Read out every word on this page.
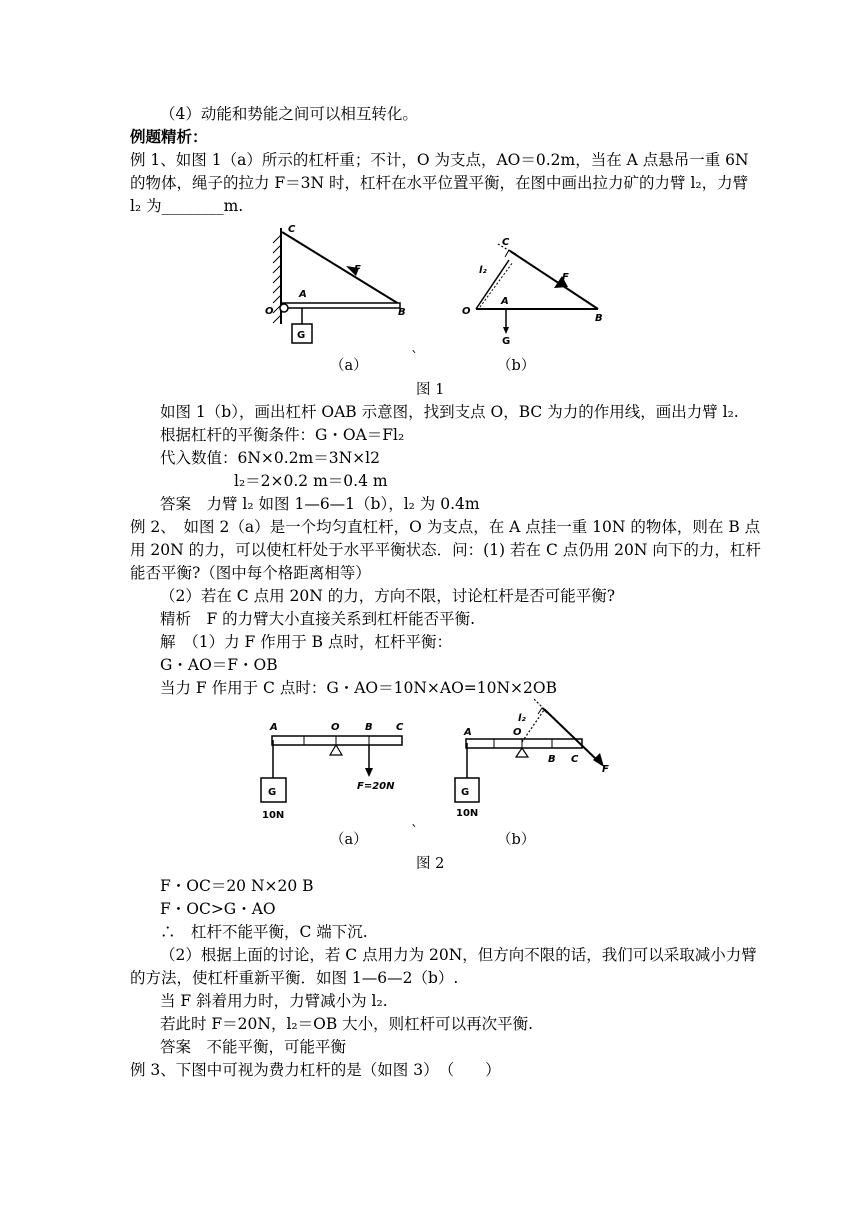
（4）动能和势能之间可以相互转化。
例题精析：
例 1、如图 1（a）所示的杠杆重；不计，O 为支点，AO＝0.2m，当在 A 点悬吊一重 6N
的物体，绳子的拉力 F＝3N 时，杠杆在水平位置平衡，在图中画出拉力矿的力臂 l₂，力臂
l₂ 为________m.
C
F
A
O	B
G
C
l₂
F
A
O
B
G
（a）	`	（b）
图 1
如图 1（b），画出杠杆 OAB 示意图，找到支点 O，BC 为力的作用线，画出力臂 l₂.
根据杠杆的平衡条件：G・OA＝Fl₂
代入数值：6N×0.2m＝3N×l2
l₂＝2×0.2 m＝0.4 m
答案　力臂 l₂ 如图 1—6—1（b），l₂ 为 0.4m
例 2、　如图 2（a）是一个均匀直杠杆，O 为支点，在 A 点挂一重 10N 的物体，则在 B 点
用 20N 的力，可以使杠杆处于水平平衡状态．问：(1) 若在 C 点仍用 20N 向下的力，杠杆
能否平衡?（图中每个格距离相等）
（2）若在 C 点用 20N 的力，方向不限，讨论杠杆是否可能平衡?
精析　F 的力臂大小直接关系到杠杆能否平衡.
解　（1）力 F 作用于 B 点时，杠杆平衡：
G・AO＝F・OB
当力 F 作用于 C 点时：G・AO＝10N×AO=10N×2OB
A	O	B C
G
10N
F=20N
l₂
A	O
B C
F
G
10N
（a）	`	（b）
图 2
F・OC＝20 N×20 B
F・OC>G・AO
∴　杠杆不能平衡，C 端下沉.
（2）根据上面的讨论，若 C 点用力为 20N，但方向不限的话，我们可以采取减小力臂
的方法，使杠杆重新平衡．如图 1—6—2（b）.
当 F 斜着用力时，力臂减小为 l₂.
若此时 F＝20N，l₂＝OB 大小，则杠杆可以再次平衡.
答案　不能平衡，可能平衡
例 3、下图中可视为费力杠杆的是（如图 3）　（　　）
